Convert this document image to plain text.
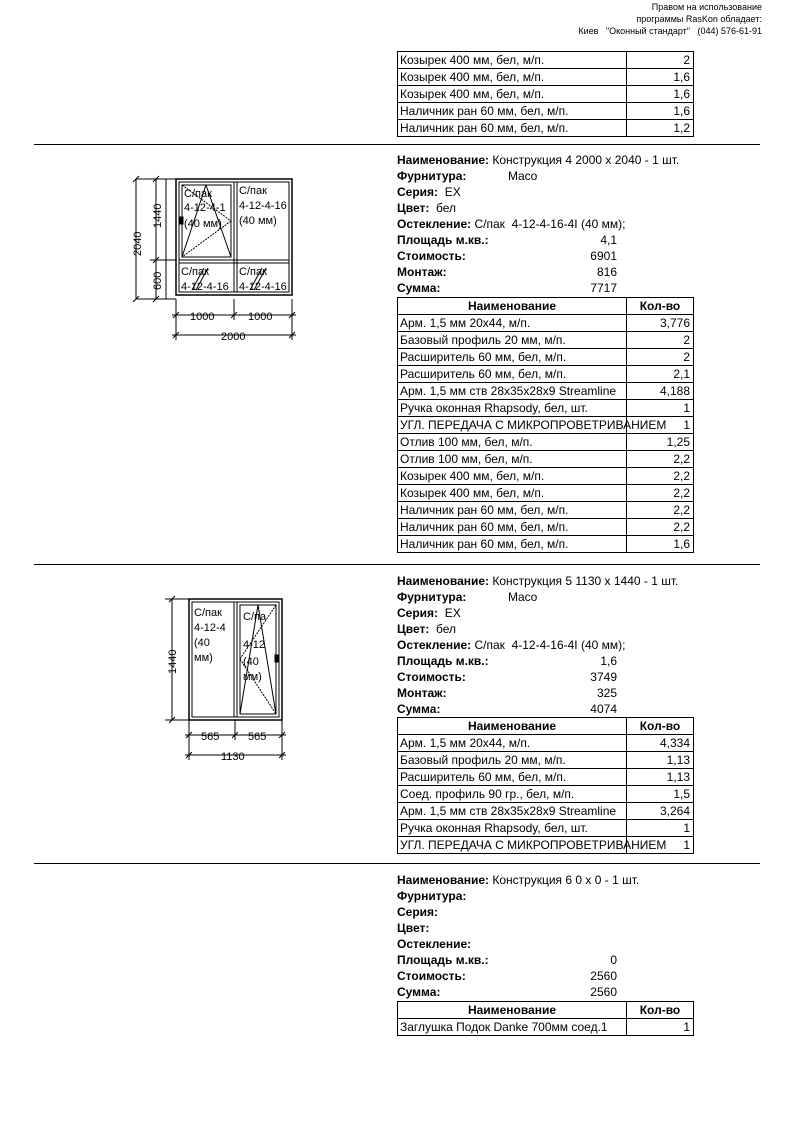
Правом на использование
программы RasKon обладает:
Киев   "Оконный стандарт"   (044) 576-61-91
Козырек 400 мм, бел, м/п.	2
Козырек 400 мм, бел, м/п.	1,6
Козырек 400 мм, бел, м/п.	1,6
Наличник ран 60 мм, бел, м/п.	1,6
Наличник ран 60 мм, бел, м/п.	1,2
С/пак
4-12-4-1
(40 мм)
С/пак
4-12-4-16
(40 мм)
С/пак
4-12-4-16
С/пак
4-12-4-16
2040
1440
600
1000	1000
2000
Наименование: Конструкция 4 2000 x 2040 - 1 шт.
Фурнитура:	Maco
Серия: EX
Цвет: бел
Остекление: С/пак  4-12-4-16-4I (40 мм);
Площадь м.кв.:	4,1
Стоимость:	6901
Монтаж:	816
Сумма:	7717
Наименование	Кол-во
Арм. 1,5 мм 20x44, м/п.	3,776
Базовый профиль 20 мм, м/п.	2
Расширитель 60 мм, бел, м/п.	2
Расширитель 60 мм, бел, м/п.	2,1
Арм. 1,5 мм ств 28x35x28x9 Streamline	4,188
Ручка оконная Rhapsody, бел, шт.	1
УГЛ. ПЕРЕДАЧА С МИКРОПРОВЕТРИВАНИЕМ	1
Отлив 100 мм, бел, м/п.	1,25
Отлив 100 мм, бел, м/п.	2,2
Козырек 400 мм, бел, м/п.	2,2
Козырек 400 мм, бел, м/п.	2,2
Наличник ран 60 мм, бел, м/п.	2,2
Наличник ран 60 мм, бел, м/п.	2,2
Наличник ран 60 мм, бел, м/п.	1,6
С/пак
4-12-4
(40
мм)
С/па
4-12
(40
мм)
1440
565	565
1130
Наименование: Конструкция 5 1130 x 1440 - 1 шт.
Фурнитура:	Maco
Серия: EX
Цвет: бел
Остекление: С/пак  4-12-4-16-4I (40 мм);
Площадь м.кв.:	1,6
Стоимость:	3749
Монтаж:	325
Сумма:	4074
Наименование	Кол-во
Арм. 1,5 мм 20x44, м/п.	4,334
Базовый профиль 20 мм, м/п.	1,13
Расширитель 60 мм, бел, м/п.	1,13
Соед. профиль 90 гр., бел, м/п.	1,5
Арм. 1,5 мм ств 28x35x28x9 Streamline	3,264
Ручка оконная Rhapsody, бел, шт.	1
УГЛ. ПЕРЕДАЧА С МИКРОПРОВЕТРИВАНИЕМ	1
Наименование: Конструкция 6 0 x 0 - 1 шт.
Фурнитура:
Серия:
Цвет:
Остекление:
Площадь м.кв.:	0
Стоимость:	2560
Сумма:	2560
Наименование	Кол-во
Заглушка Подок Danke 700мм соед.1	1
